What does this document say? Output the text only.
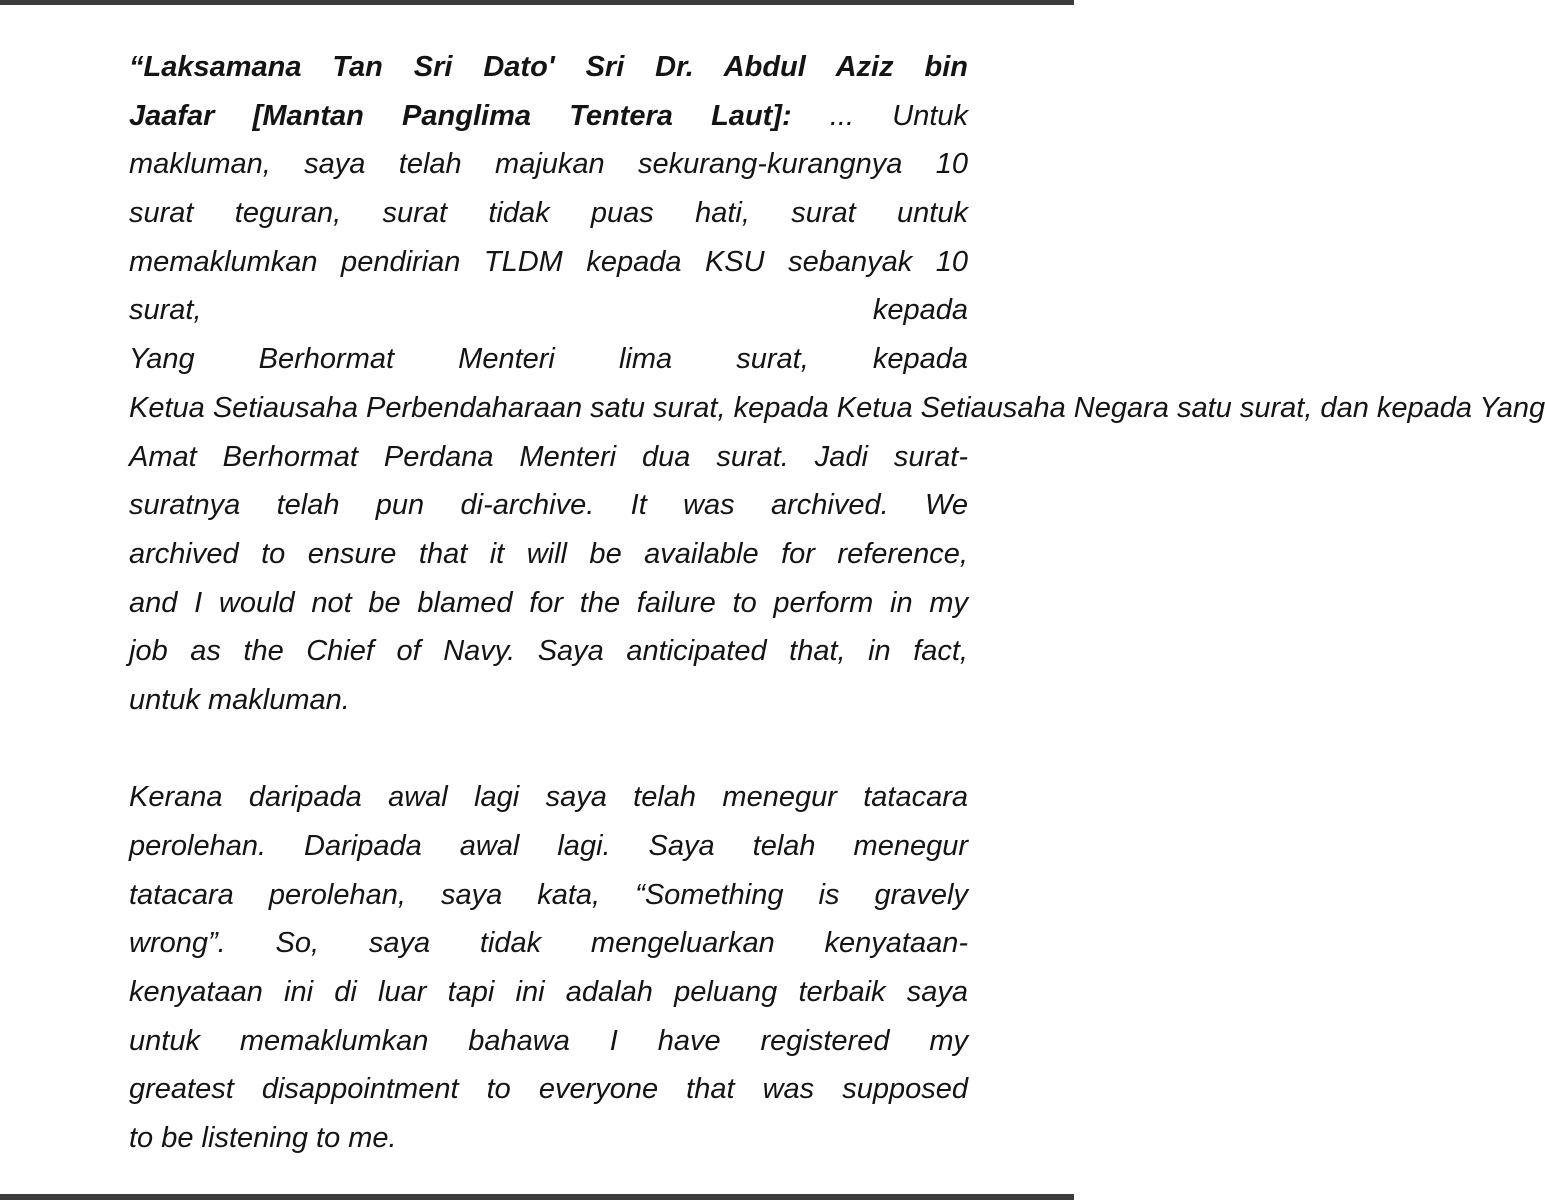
“Laksamana Tan Sri Dato' Sri Dr. Abdul Aziz bin
Jaafar [Mantan Panglima Tentera Laut]: ... Untuk
makluman, saya telah majukan sekurang-kurangnya 10
surat teguran, surat tidak puas hati, surat untuk
memaklumkan pendirian TLDM kepada KSU sebanyak 10
surat, kepada
Yang Berhormat Menteri lima surat, kepada
Ketua Setiausaha Perbendaharaan satu surat, kepada Ketua Setiausaha Negara satu surat, dan kepada Yang
Amat Berhormat Perdana Menteri dua surat. Jadi surat-
suratnya telah pun di-archive. It was archived. We
archived to ensure that it will be available for reference,
and I would not be blamed for the failure to perform in my
job as the Chief of Navy. Saya anticipated that, in fact,
untuk makluman.
Kerana daripada awal lagi saya telah menegur tatacara
perolehan. Daripada awal lagi. Saya telah menegur
tatacara perolehan, saya kata, “Something is gravely
wrong”. So, saya tidak mengeluarkan kenyataan-
kenyataan ini di luar tapi ini adalah peluang terbaik saya
untuk memaklumkan bahawa I have registered my
greatest disappointment to everyone that was supposed
to be listening to me.
